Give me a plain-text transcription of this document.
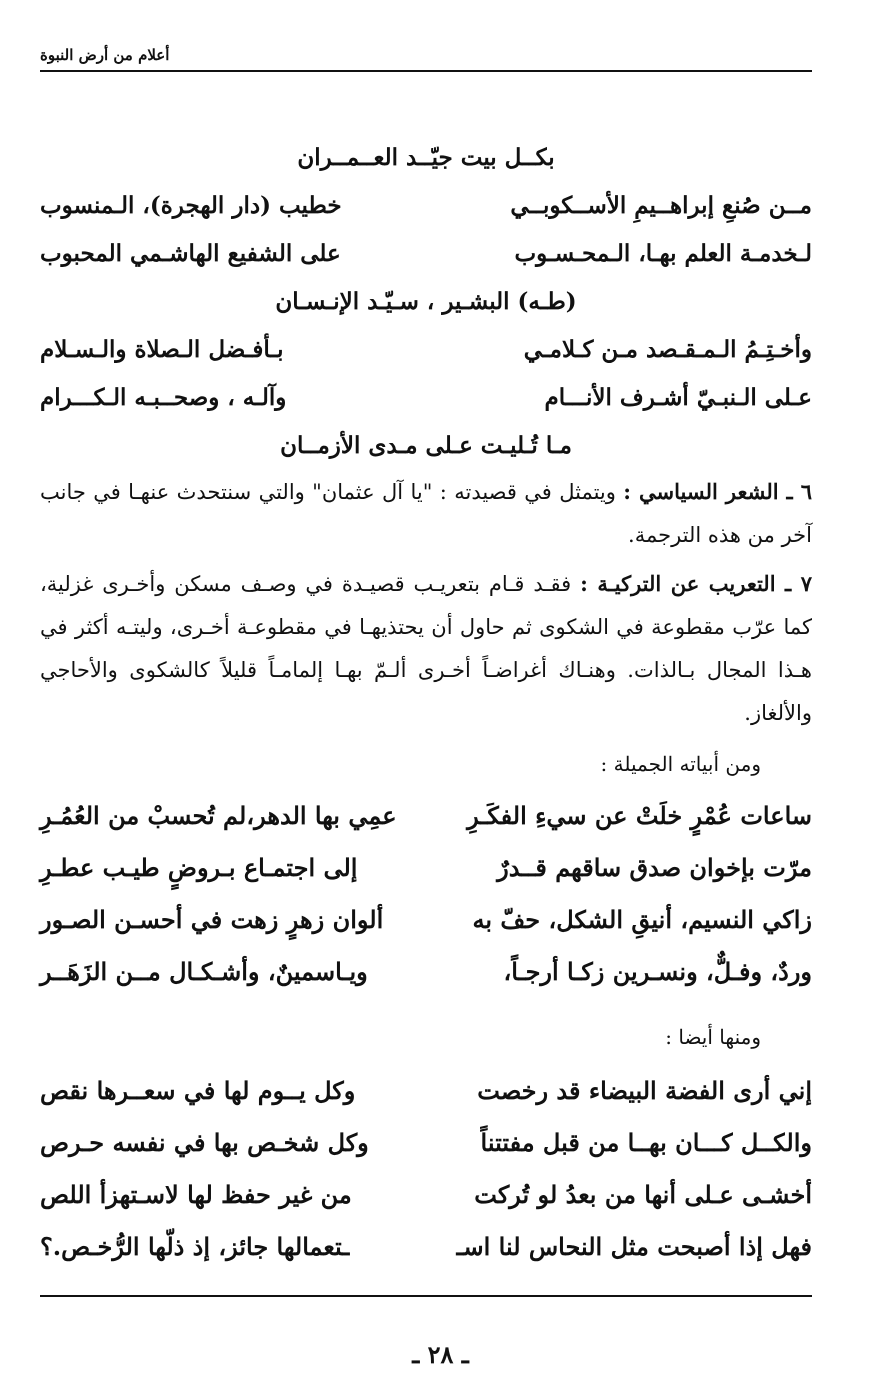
أعلام من أرض النبوة
بكــل بيت جيّــد العــمــران
مــن صُنعِ إبراهــيمِ الأســكوبــي
خطيب (دار الهجرة)، الـمنسوب
لـخدمـة العلم بهـا، الـمحـسـوب
على الشفيع الهاشـمي المحبوب
(طـه) البشـير ، سـيّـد الإنـسـان
وأخـتِـمُ الـمـقـصد مـن كـلامـي
بـأفـضل الـصلاة والـسـلام
عـلى الـنبـيّ أشـرف الأنـــام
وآلـه ، وصحــبـه الـكـــرام
مـا تُـليـت عـلى مـدى الأزمــان

٦ ـ الشعر السياسي : ويتمثل في قصيدته : "يا آل عثمان" والتي سنتحدث عنهـا في جانب آخر من هذه الترجمة.

٧ ـ التعريب عن التركيـة : فقـد قـام بتعريـب قصيـدة في وصـف مسكن وأخـرى غزلية، كما عرّب مقطوعة في الشكوى ثم حاول أن يحتذيهـا في مقطوعـة أخـرى، وليتـه أكثر في هـذا المجال بـالذات. وهنـاك أغراضـاً أخـرى ألـمّ بهـا إلمامـاً قليلاً كالشكوى والأحاجي والألغاز.

ومن أبياته الجميلة :
ساعات عُمْرٍ خلَتْ عن سيءِ الفكَـرِ
عمِي بها الدهر،لم تُحسبْ من العُمُـرِ
مرّت بإخوان صدق ساقهم قــدرٌ
إلى اجتمـاع بـروضٍ طيـب عطـرِ
زاكي النسيم، أنيقِ الشكل، حفّ به
ألوان زهرٍ زهت في أحسـن الصـور
وردٌ، وفـلٌّ، ونسـرين زكـا أرجـاً،
ويـاسمينٌ، وأشـكـال مــن الزَهَــر
ومنها أيضا :
إني أرى الفضة البيضاء قد رخصت
وكل يــوم لها في سعــرها نقص
والكــل كـــان بهــا من قبل مفتتناً
وكل شخـص بها في نفسه حـرص
أخشـى عـلى أنها من بعدُ لو تُركت
من غير حفظ لها لاسـتهزأ اللص
فهل إذا أصبحت مثل النحاس لنا اسـ
ـتعمالها جائز، إذ ذلّها الرُّخـص.؟
ـ ٢٨ ـ
